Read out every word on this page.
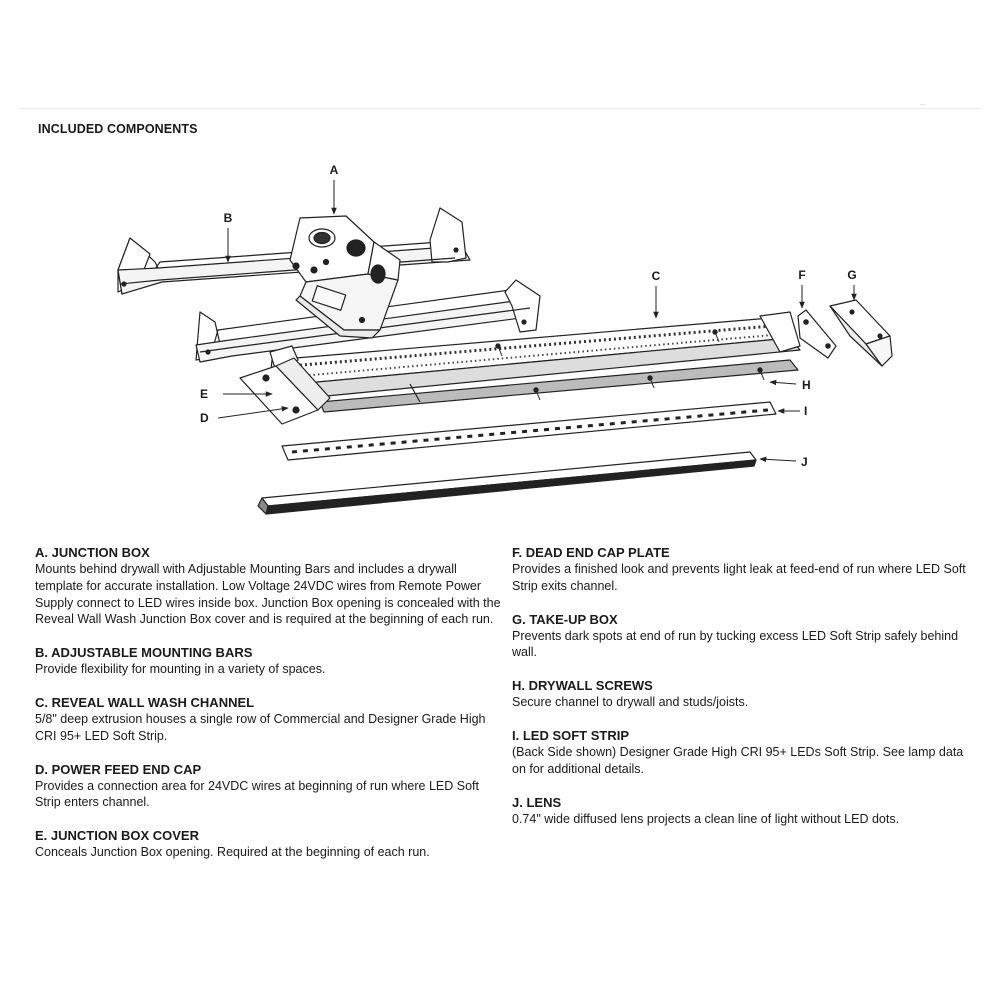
...
INCLUDED COMPONENTS
A
B
C
D
E
F	G
H
I
J
A. JUNCTION BOX

Mounts behind drywall with Adjustable Mounting Bars and includes a drywall template for accurate installation. Low Voltage 24VDC wires from Remote Power Supply connect to LED wires inside box. Junction Box opening is concealed with the Reveal Wall Wash Junction Box cover and is required at the beginning of each run.

B. ADJUSTABLE MOUNTING BARS

Provide flexibility for mounting in a variety of spaces.

C. REVEAL WALL WASH CHANNEL

5/8" deep extrusion houses a single row of Commercial and Designer Grade High CRI 95+ LED Soft Strip.

D. POWER FEED END CAP

Provides a connection area for 24VDC wires at beginning of run where LED Soft Strip enters channel.

E. JUNCTION BOX COVER

Conceals Junction Box opening. Required at the beginning of each run.

F. DEAD END CAP PLATE

Provides a finished look and prevents light leak at feed-end of run where LED Soft Strip exits channel.

G. TAKE-UP BOX

Prevents dark spots at end of run by tucking excess LED Soft Strip safely behind wall.

H. DRYWALL SCREWS

Secure channel to drywall and studs/joists.

I. LED SOFT STRIP

(Back Side shown) Designer Grade High CRI 95+ LEDs Soft Strip. See lamp data on for additional details.

J. LENS

0.74" wide diffused lens projects a clean line of light without LED dots.
